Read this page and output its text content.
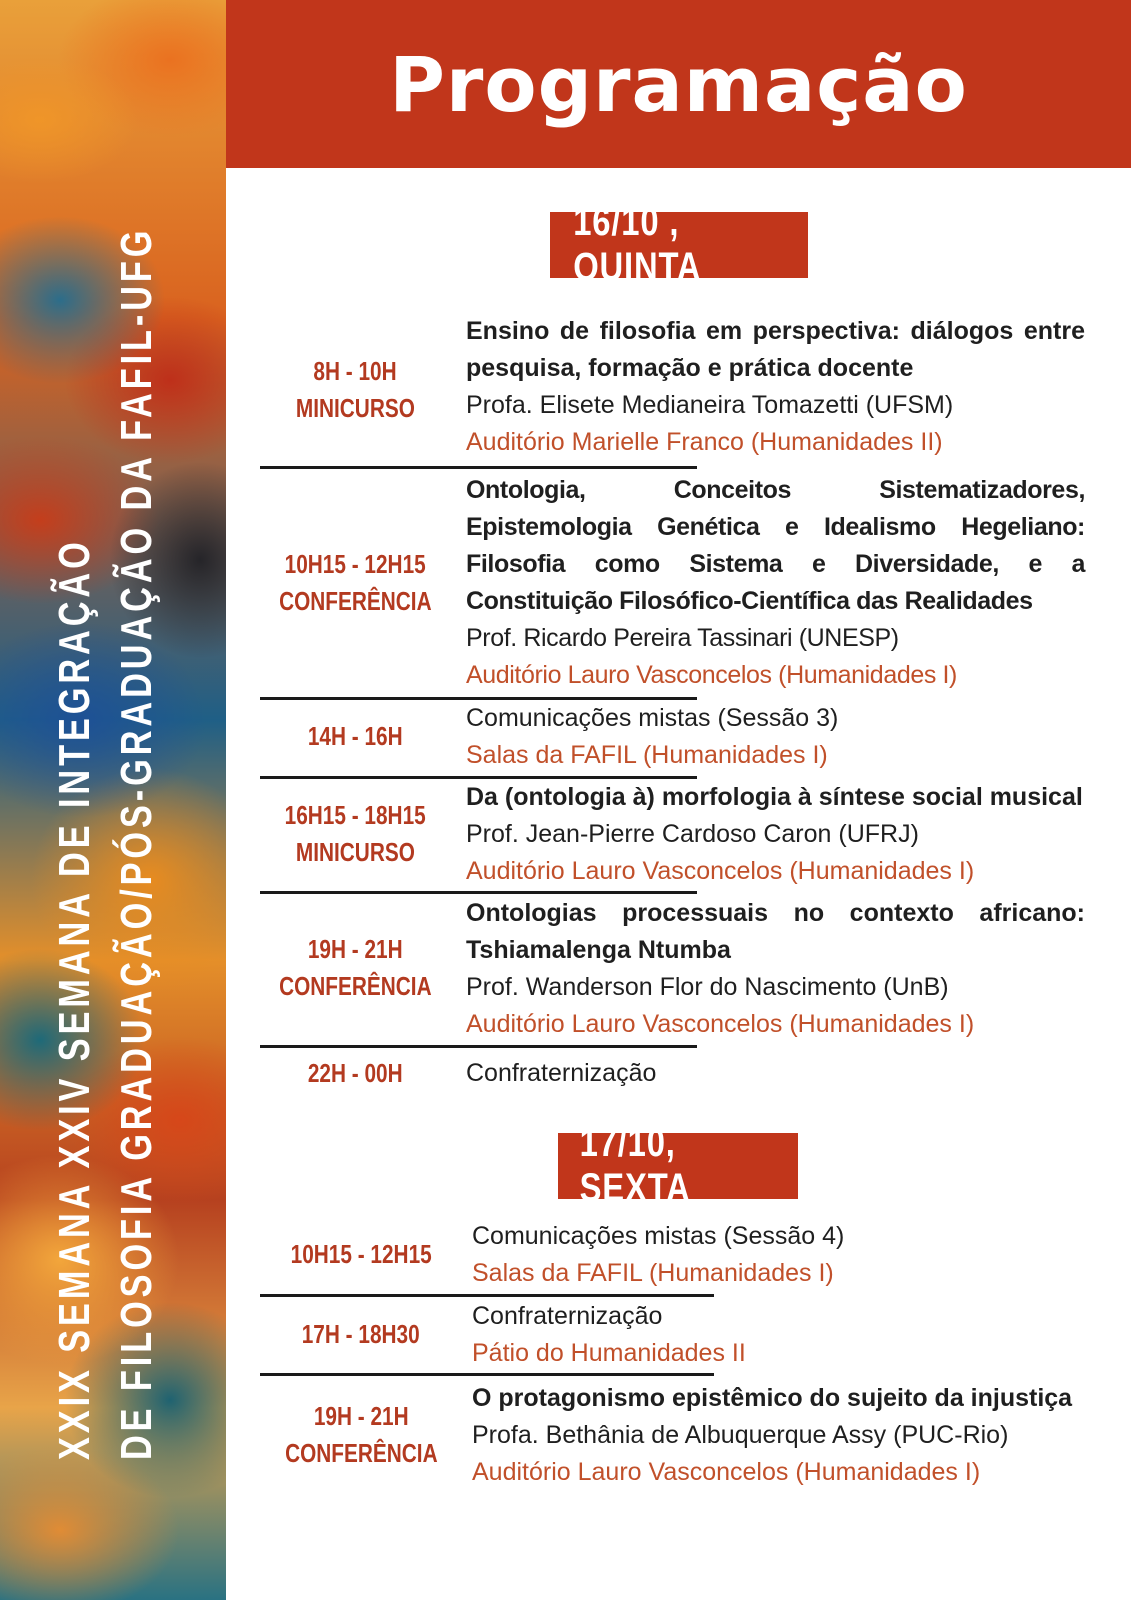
XXIX SEMANA XXIV SEMANA DE INTEGRAÇÃO DE FILOSOFIA GRADUAÇÃO/PÓS-GRADUAÇÃO DA FAFIL-UFG
Programação
16/10 , QUINTA
8H - 10H
MINICURSO
Ensino de filosofia em perspectiva: diálogos entre pesquisa, formação e prática docente
Profa. Elisete Medianeira Tomazetti (UFSM)
Auditório Marielle Franco (Humanidades II)
10H15 - 12H15
CONFERÊNCIA
Ontologia, Conceitos Sistematizadores, Epistemologia Genética e Idealismo Hegeliano: Filosofia como Sistema e Diversidade, e a Constituição Filosófico-Científica das Realidades
Prof. Ricardo Pereira Tassinari (UNESP)
Auditório Lauro Vasconcelos (Humanidades I)
14H - 16H
Comunicações mistas (Sessão 3)
Salas da FAFIL (Humanidades I)
16H15 - 18H15
MINICURSO
Da (ontologia à) morfologia à síntese social musical
Prof. Jean-Pierre Cardoso Caron (UFRJ)
Auditório Lauro Vasconcelos (Humanidades I)
19H - 21H
CONFERÊNCIA
Ontologias processuais no contexto africano: Tshiamalenga Ntumba
Prof. Wanderson Flor do Nascimento (UnB)
Auditório Lauro Vasconcelos (Humanidades I)
22H - 00H	Confraternização
17/10, SEXTA
10H15 - 12H15
Comunicações mistas (Sessão 4)
Salas da FAFIL (Humanidades I)
17H - 18H30
Confraternização
Pátio do Humanidades II
19H - 21H
CONFERÊNCIA
O protagonismo epistêmico do sujeito da injustiça
Profa. Bethânia de Albuquerque Assy (PUC-Rio)
Auditório Lauro Vasconcelos (Humanidades I)
